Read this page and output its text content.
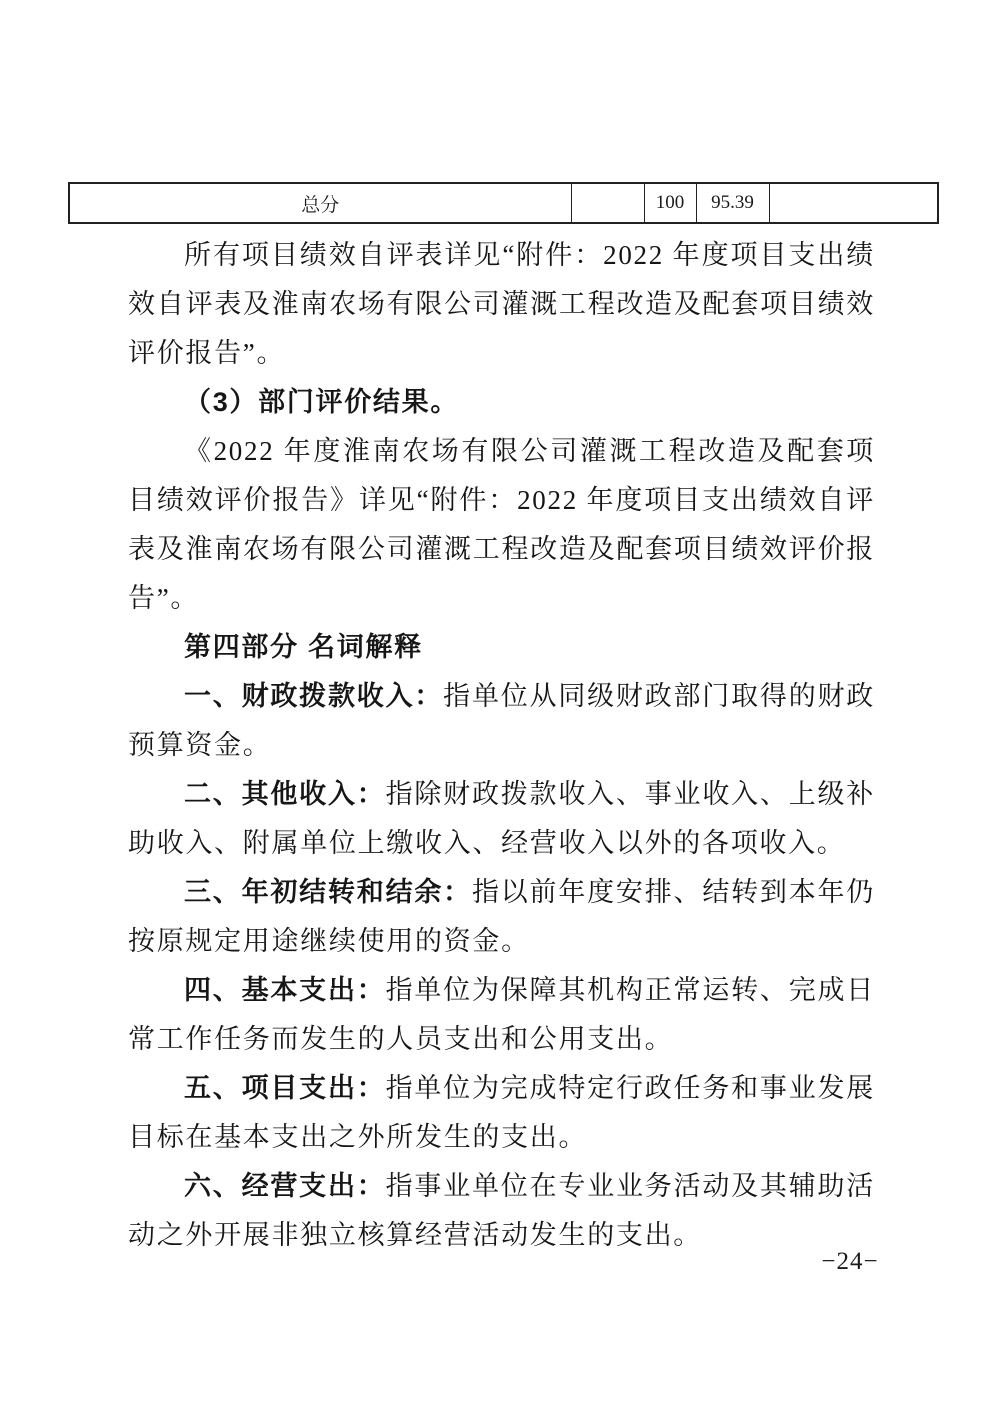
总分		100	95.39	

所有项目绩效自评表详见“附件：2022 年度项目支出绩效自评表及淮南农场有限公司灌溉工程改造及配套项目绩效评价报告”。

（3）部门评价结果。

《2022 年度淮南农场有限公司灌溉工程改造及配套项目绩效评价报告》详见“附件：2022 年度项目支出绩效自评表及淮南农场有限公司灌溉工程改造及配套项目绩效评价报告”。

第四部分 名词解释

一、财政拨款收入：指单位从同级财政部门取得的财政预算资金。

二、其他收入：指除财政拨款收入、事业收入、上级补助收入、附属单位上缴收入、经营收入以外的各项收入。

三、年初结转和结余：指以前年度安排、结转到本年仍按原规定用途继续使用的资金。

四、基本支出：指单位为保障其机构正常运转、完成日常工作任务而发生的人员支出和公用支出。

五、项目支出：指单位为完成特定行政任务和事业发展目标在基本支出之外所发生的支出。

六、经营支出：指事业单位在专业业务活动及其辅助活动之外开展非独立核算经营活动发生的支出。

−24−
